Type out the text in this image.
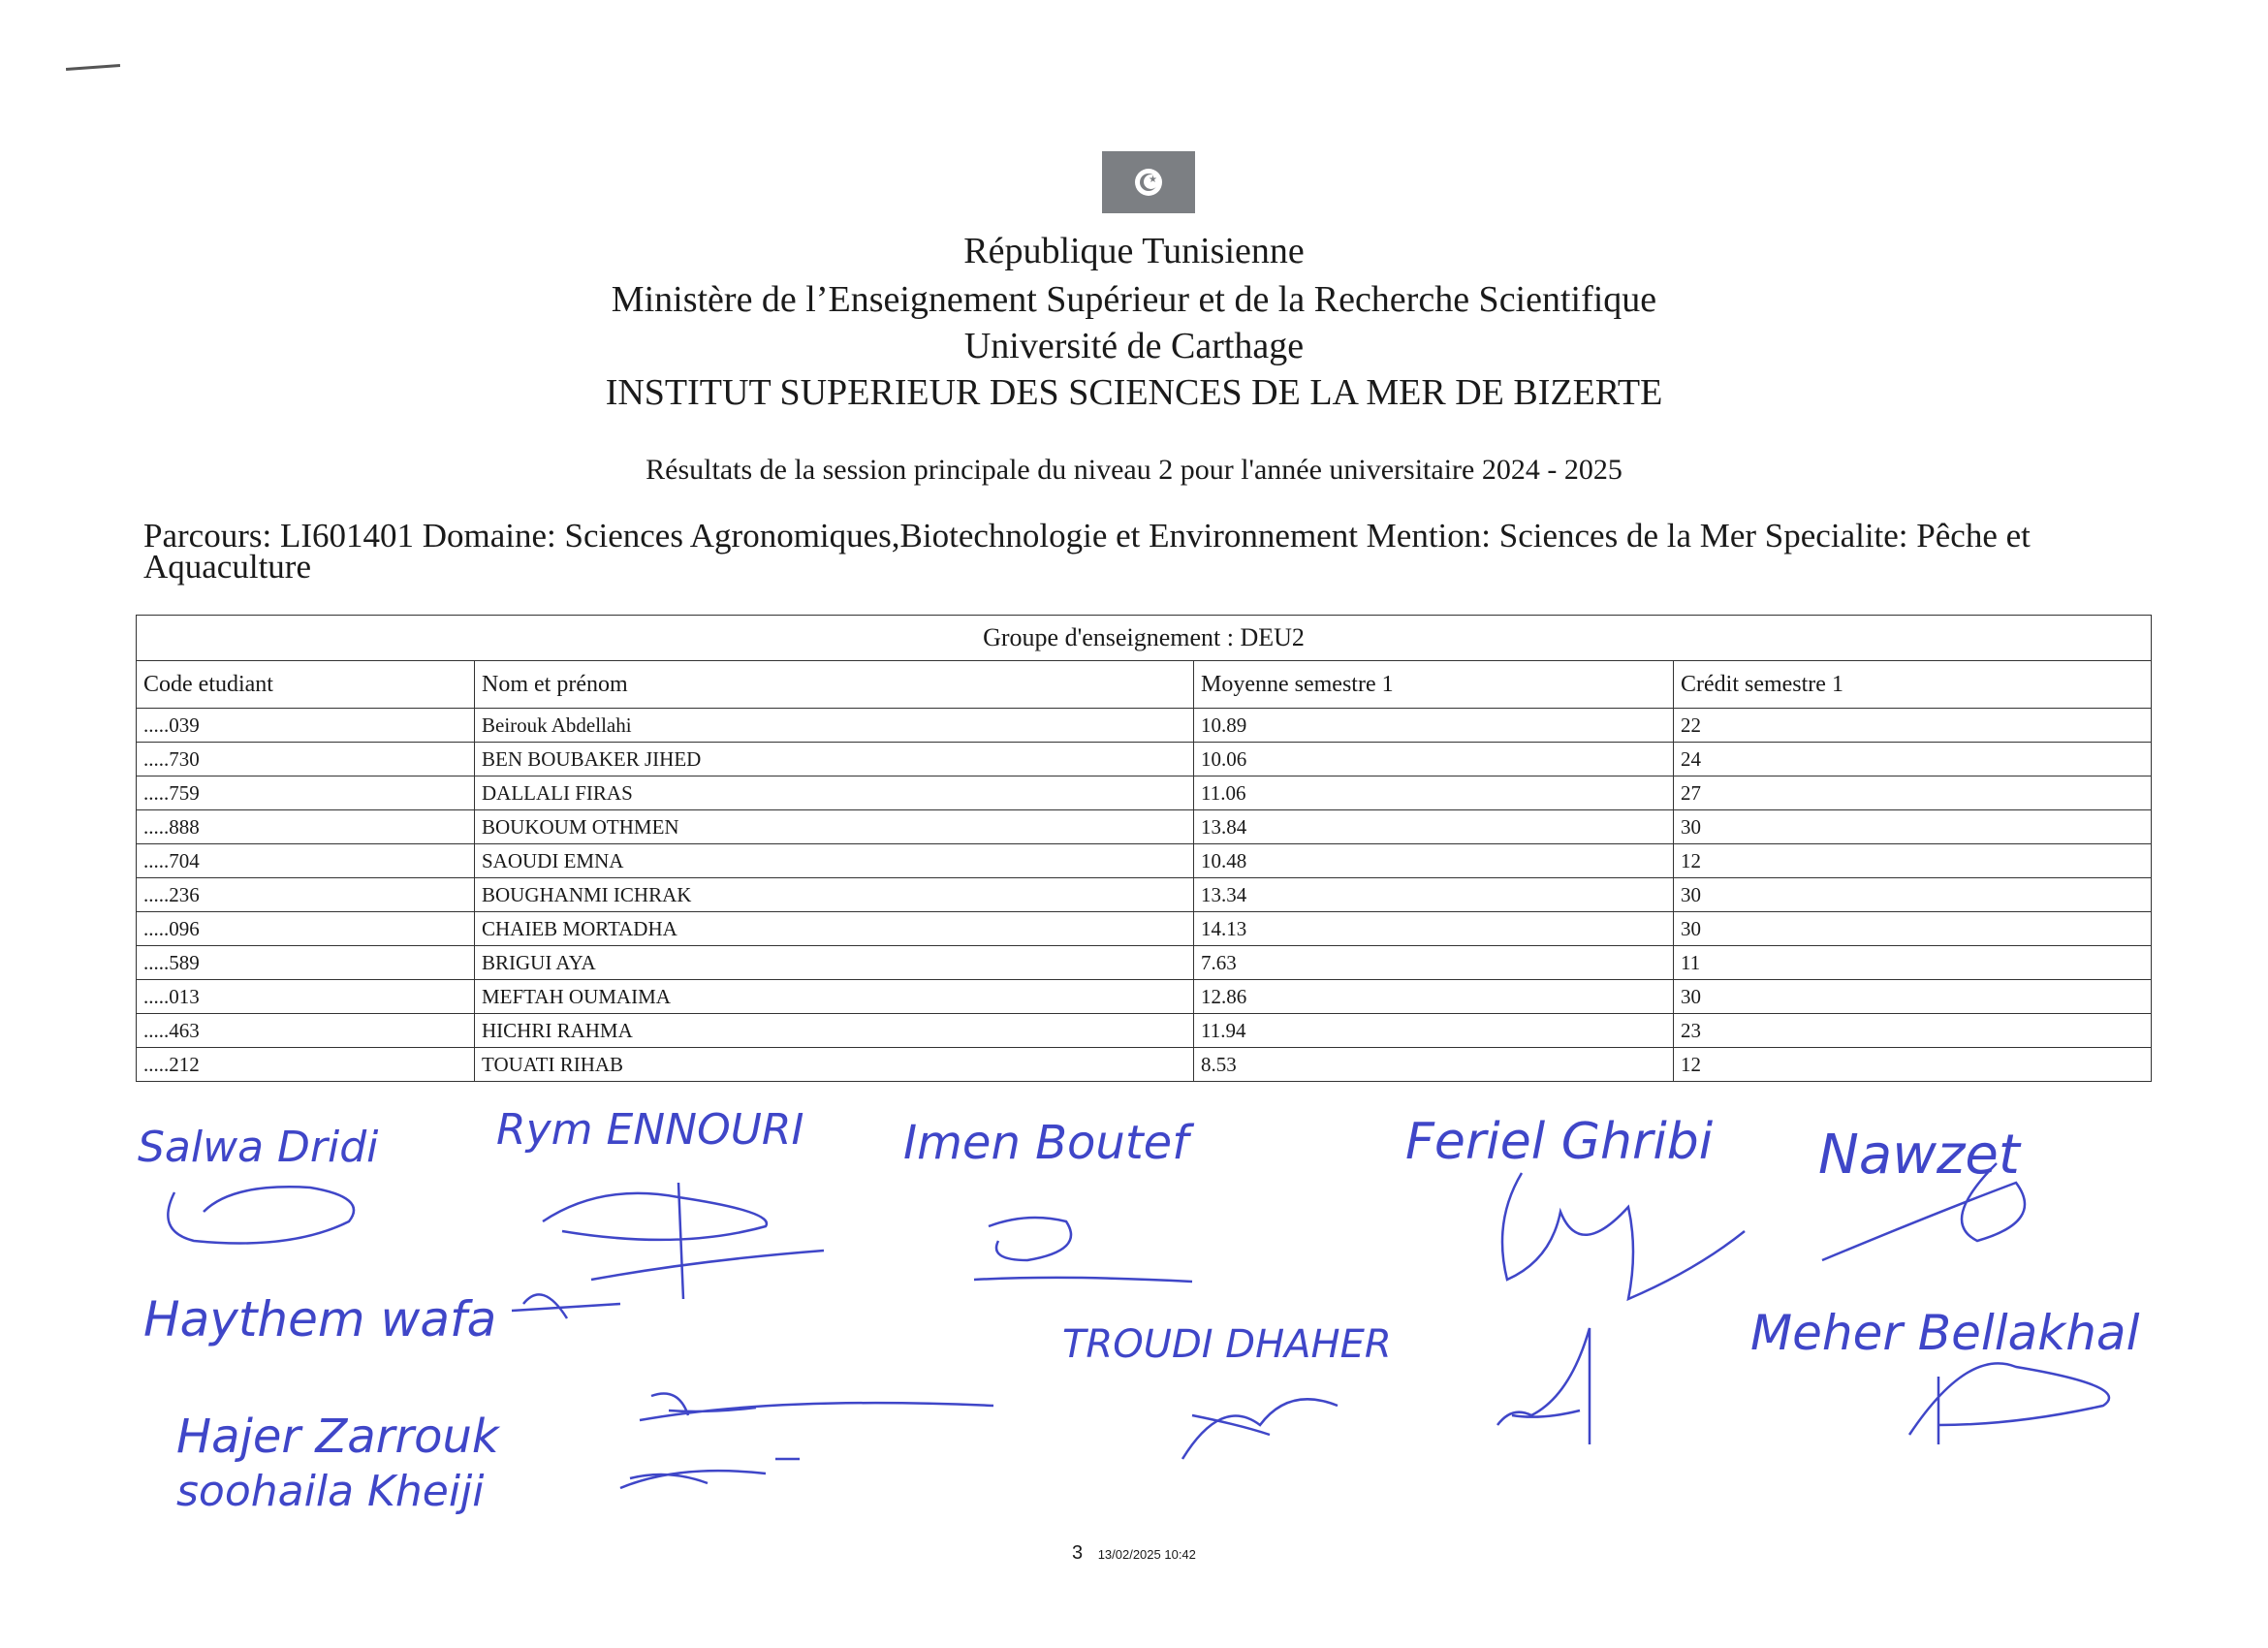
★
République Tunisienne
Ministère de l’Enseignement Supérieur et de la Recherche Scientifique
Université de Carthage
INSTITUT SUPERIEUR DES SCIENCES DE LA MER DE BIZERTE
Résultats de la session principale du niveau 2 pour l'année universitaire 2024 - 2025
Parcours: LI601401 Domaine: Sciences Agronomiques,Biotechnologie et Environnement Mention: Sciences de la Mer Specialite: Pêche et Aquaculture
Groupe d'enseignement : DEU2			
Code etudiant	Nom et prénom	Moyenne semestre 1	Crédit semestre 1
.....039	Beirouk Abdellahi	10.89	22
.....730	BEN BOUBAKER JIHED	10.06	24
.....759	DALLALI FIRAS	11.06	27
.....888	BOUKOUM OTHMEN	13.84	30
.....704	SAOUDI EMNA	10.48	12
.....236	BOUGHANMI ICHRAK	13.34	30
.....096	CHAIEB MORTADHA	14.13	30
.....589	BRIGUI AYA	7.63	11
.....013	MEFTAH OUMAIMA	12.86	30
.....463	HICHRI RAHMA	11.94	23
.....212	TOUATI RIHAB	8.53	12
Salwa Dridi	Rym ENNOURI Imen Boutef	Feriel Ghribi Nawzet
Haythem wafa	TROUDI DHAHER	Meher Bellakhal
Hajer Zarrouk
soohaila Kheiji
3 13/02/2025 10:42
